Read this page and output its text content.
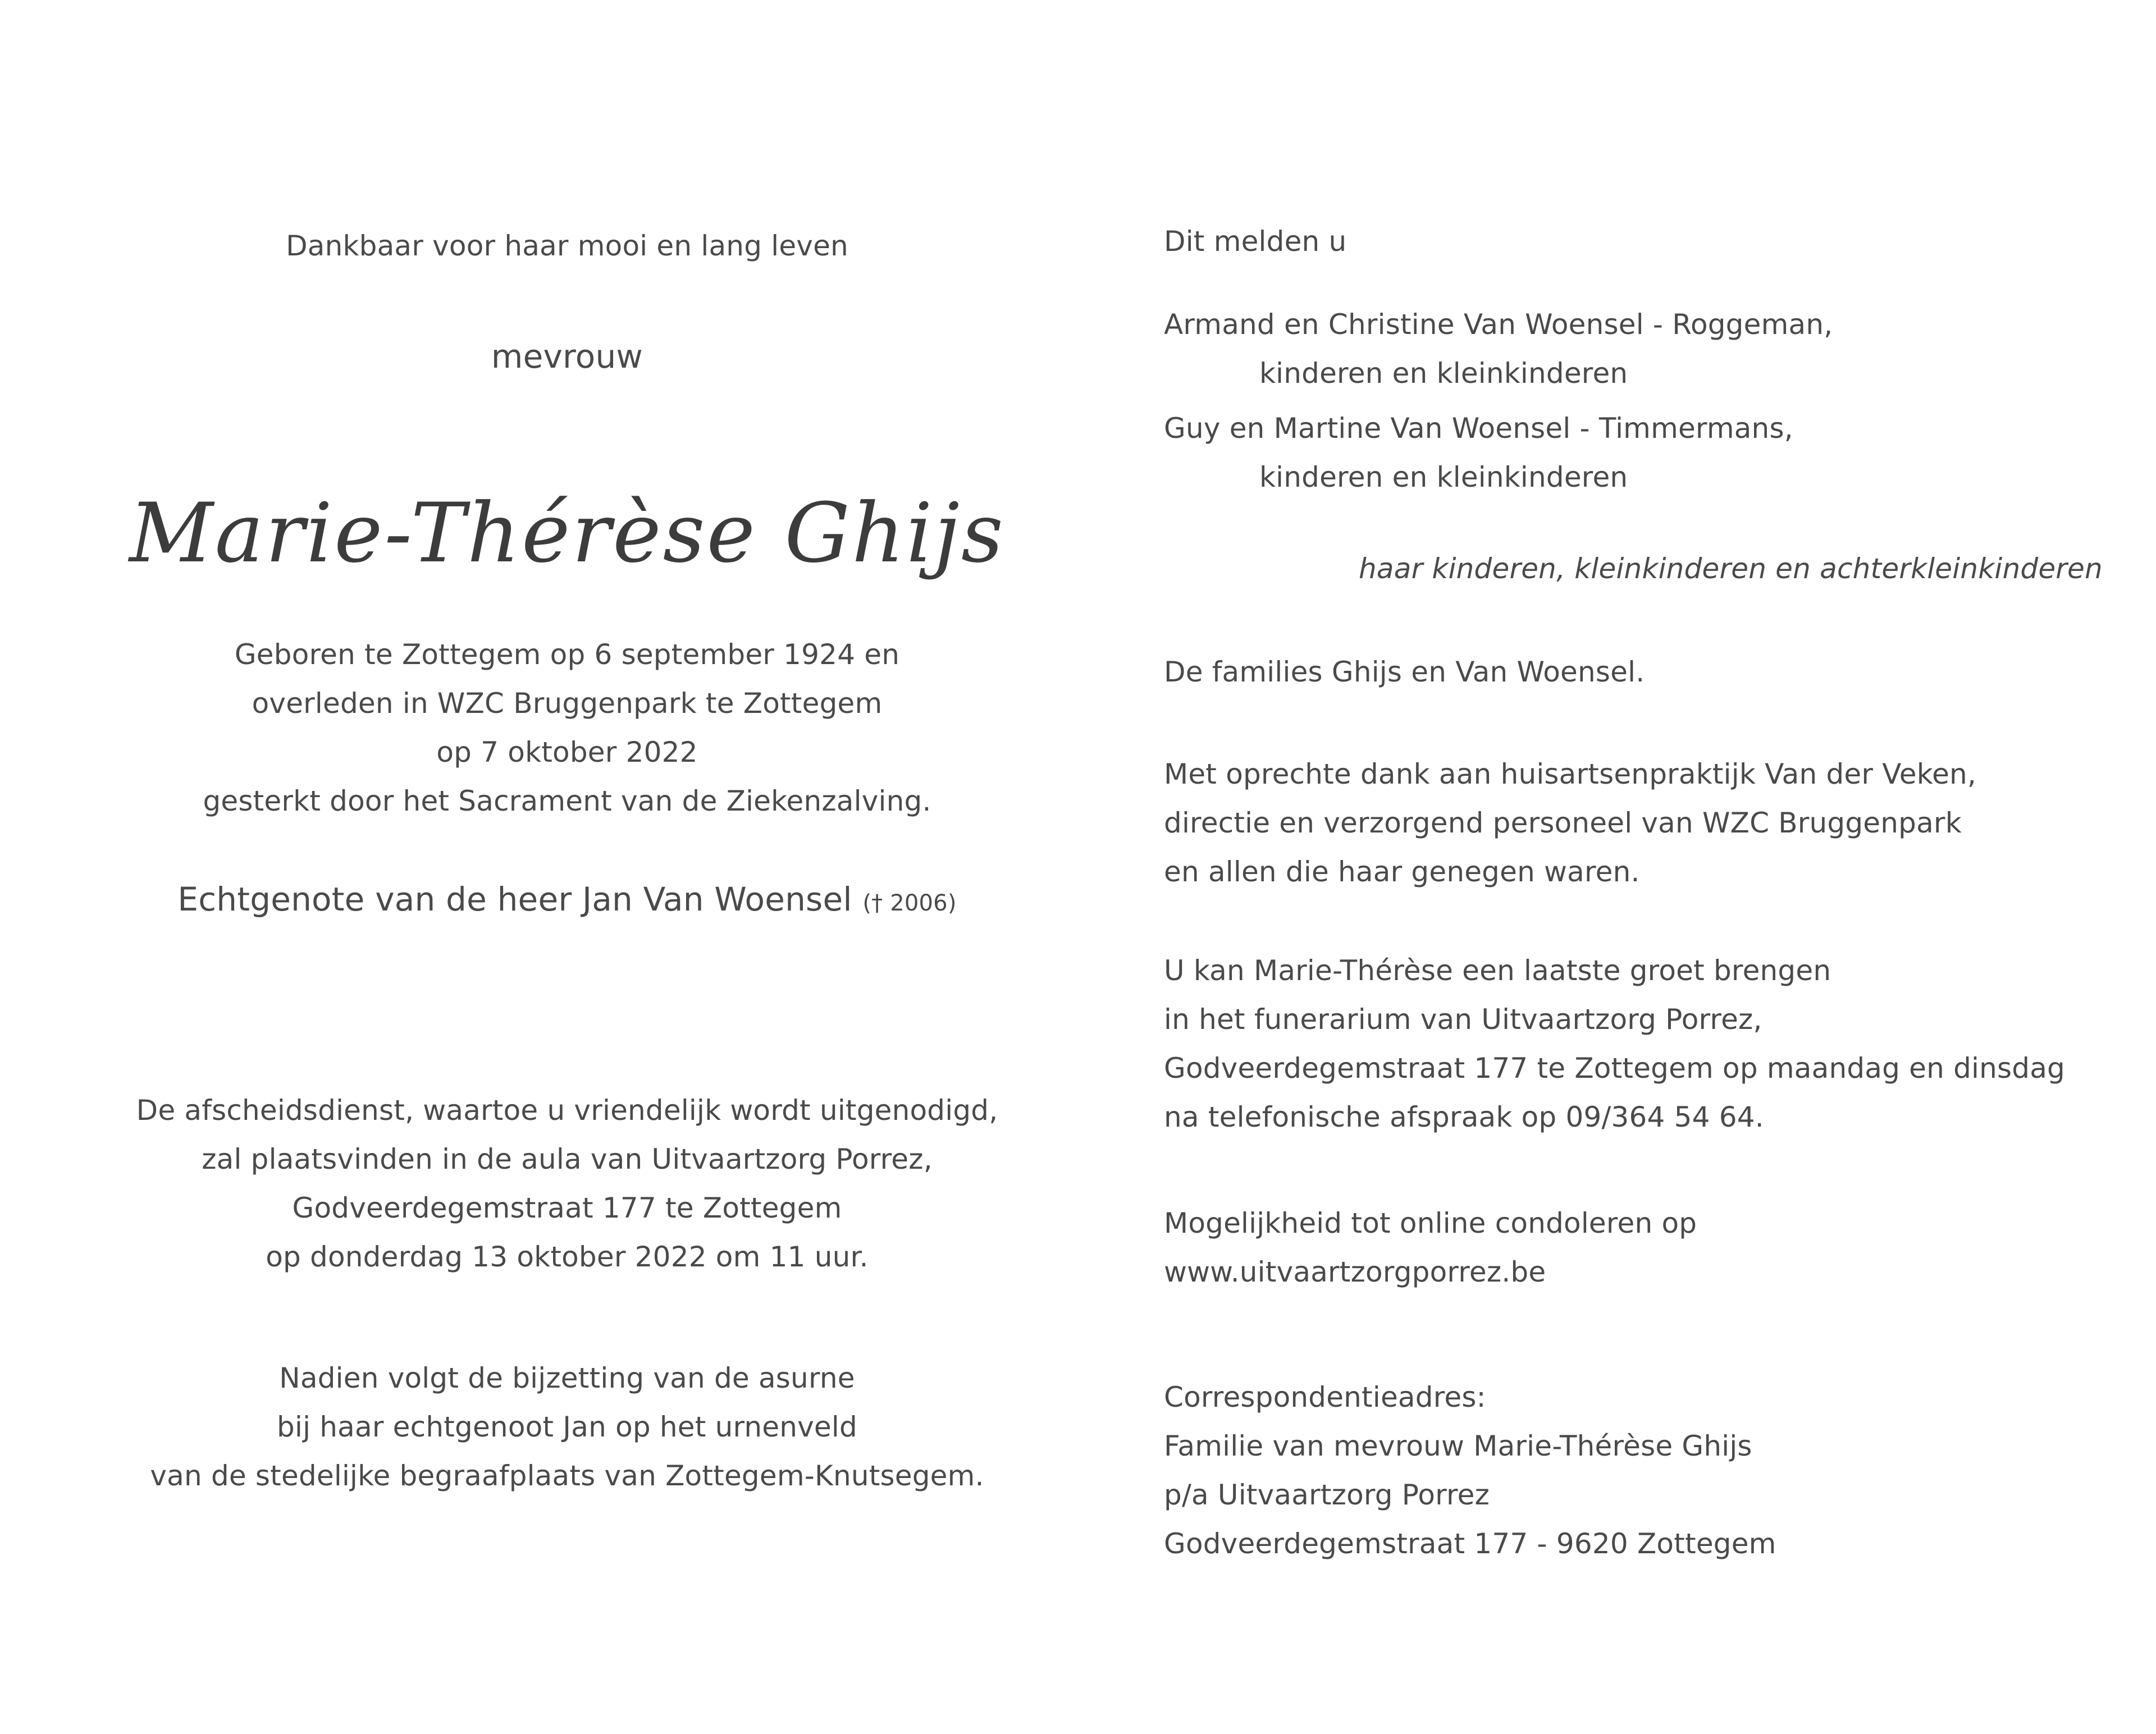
Dankbaar voor haar mooi en lang leven
mevrouw
Marie-Thérèse Ghijs
Geboren te Zottegem op 6 september 1924 en
overleden in WZC Bruggenpark te Zottegem
op 7 oktober 2022
gesterkt door het Sacrament van de Ziekenzalving.
Echtgenote van de heer Jan Van Woensel († 2006)
De afscheidsdienst, waartoe u vriendelijk wordt uitgenodigd,
zal plaatsvinden in de aula van Uitvaartzorg Porrez,
Godveerdegemstraat 177 te Zottegem
op donderdag 13 oktober 2022 om 11 uur.
Nadien volgt de bijzetting van de asurne
bij haar echtgenoot Jan op het urnenveld
van de stedelijke begraafplaats van Zottegem-Knutsegem.
Dit melden u
Armand en Christine Van Woensel - Roggeman,
kinderen en kleinkinderen
Guy en Martine Van Woensel - Timmermans,
kinderen en kleinkinderen
haar kinderen, kleinkinderen en achterkleinkinderen
De families Ghijs en Van Woensel.
Met oprechte dank aan huisartsenpraktijk Van der Veken,
directie en verzorgend personeel van WZC Bruggenpark
en allen die haar genegen waren.
U kan Marie-Thérèse een laatste groet brengen
in het funerarium van Uitvaartzorg Porrez,
Godveerdegemstraat 177 te Zottegem op maandag en dinsdag
na telefonische afspraak op 09/364 54 64.
Mogelijkheid tot online condoleren op
www.uitvaartzorgporrez.be
Correspondentieadres:
Familie van mevrouw Marie-Thérèse Ghijs
p/a Uitvaartzorg Porrez
Godveerdegemstraat 177 - 9620 Zottegem
